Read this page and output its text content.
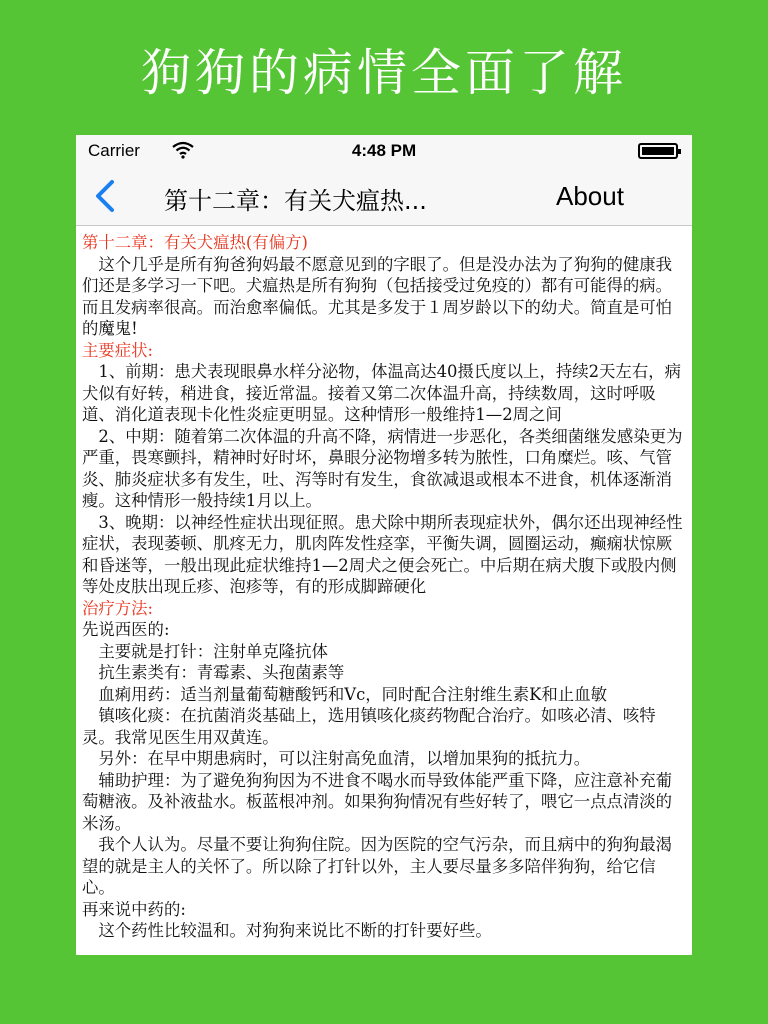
狗狗的病情全面了解
Carrier	4:48 PM
第十二章：有关犬瘟热...	About

第十二章：有关犬瘟热(有偏方)

这个几乎是所有狗爸狗妈最不愿意见到的字眼了。但是没办法为了狗狗的健康我们还是多学习一下吧。犬瘟热是所有狗狗（包括接受过免疫的）都有可能得的病。而且发病率很高。而治愈率偏低。尤其是多发于１周岁龄以下的幼犬。简直是可怕的魔鬼!

主要症状:

1、前期：患犬表现眼鼻水样分泌物，体温高达40摄氏度以上，持续2天左右，病犬似有好转，稍进食，接近常温。接着又第二次体温升高，持续数周，这时呼吸道、消化道表现卡化性炎症更明显。这种情形一般维持1—2周之间

2、中期：随着第二次体温的升高不降，病情进一步恶化，各类细菌继发感染更为严重，畏寒颤抖，精神时好时坏，鼻眼分泌物增多转为脓性，口角糜烂。咳、气管炎、肺炎症状多有发生，吐、泻等时有发生，食欲减退或根本不进食，机体逐渐消瘦。这种情形一般持续1月以上。

3、晚期：以神经性症状出现征照。患犬除中期所表现症状外，偶尔还出现神经性症状，表现萎顿、肌疼无力，肌肉阵发性痉挛，平衡失调，圆圈运动，癫痫状惊厥和昏迷等，一般出现此症状维持1—2周犬之便会死亡。中后期在病犬腹下或股内侧等处皮肤出现丘疹、泡疹等，有的形成脚蹄硬化

治疗方法:

先说西医的:

主要就是打针：注射单克隆抗体

抗生素类有：青霉素、头孢菌素等

血痢用药：适当剂量葡萄糖酸钙和Vc，同时配合注射维生素K和止血敏

镇咳化痰：在抗菌消炎基础上，选用镇咳化痰药物配合治疗。如咳必清、咳特灵。我常见医生用双黄连。

另外：在早中期患病时，可以注射高免血清，以增加果狗的抵抗力。

辅助护理：为了避免狗狗因为不进食不喝水而导致体能严重下降，应注意补充葡萄糖液。及补液盐水。板蓝根冲剂。如果狗狗情况有些好转了，喂它一点点清淡的米汤。

我个人认为。尽量不要让狗狗住院。因为医院的空气污杂，而且病中的狗狗最渴望的就是主人的关怀了。所以除了打针以外，主人要尽量多多陪伴狗狗，给它信心。

再来说中药的:

这个药性比较温和。对狗狗来说比不断的打针要好些。
